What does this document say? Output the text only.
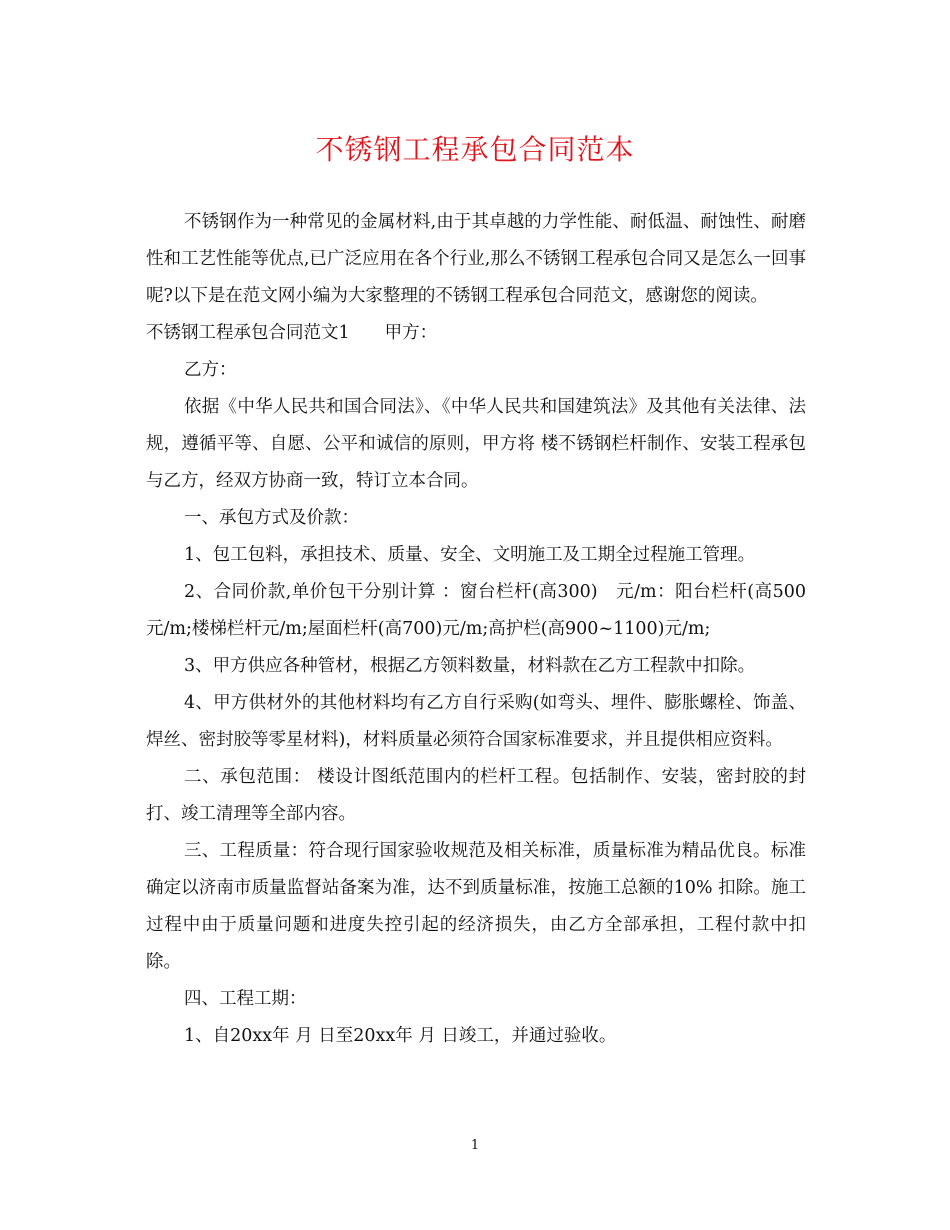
不锈钢工程承包合同范本

不锈钢作为一种常见的金属材料,由于其卓越的力学性能、耐低温、耐蚀性、耐磨性和工艺性能等优点,已广泛应用在各个行业,那么不锈钢工程承包合同又是怎么一回事呢?以下是在范文网小编为大家整理的不锈钢工程承包合同范文，感谢您的阅读。

不锈钢工程承包合同范文1　　甲方：

乙方：

依据《中华人民共和国合同法》、《中华人民共和国建筑法》及其他有关法律、法规，遵循平等、自愿、公平和诚信的原则，甲方将 楼不锈钢栏杆制作、安装工程承包与乙方，经双方协商一致，特订立本合同。

一、承包方式及价款：

1、包工包料，承担技术、质量、安全、文明施工及工期全过程施工管理。

2、合同价款,单价包干分别计算 ：窗台栏杆(高300)　元/m：阳台栏杆(高500元/m;楼梯栏杆元/m;屋面栏杆(高700)元/m;高护栏(高900~1100)元/m;

3、甲方供应各种管材，根据乙方领料数量，材料款在乙方工程款中扣除。

4、甲方供材外的其他材料均有乙方自行采购(如弯头、埋件、膨胀螺栓、饰盖、焊丝、密封胶等零星材料)，材料质量必须符合国家标准要求，并且提供相应资料。

二、承包范围： 楼设计图纸范围内的栏杆工程。包括制作、安装，密封胶的封打、竣工清理等全部内容。

三、工程质量：符合现行国家验收规范及相关标准，质量标准为精品优良。标准确定以济南市质量监督站备案为准，达不到质量标准，按施工总额的10% 扣除。施工过程中由于质量问题和进度失控引起的经济损失，由乙方全部承担，工程付款中扣除。

四、工程工期：

1、自20xx年 月 日至20xx年 月 日竣工，并通过验收。

1
